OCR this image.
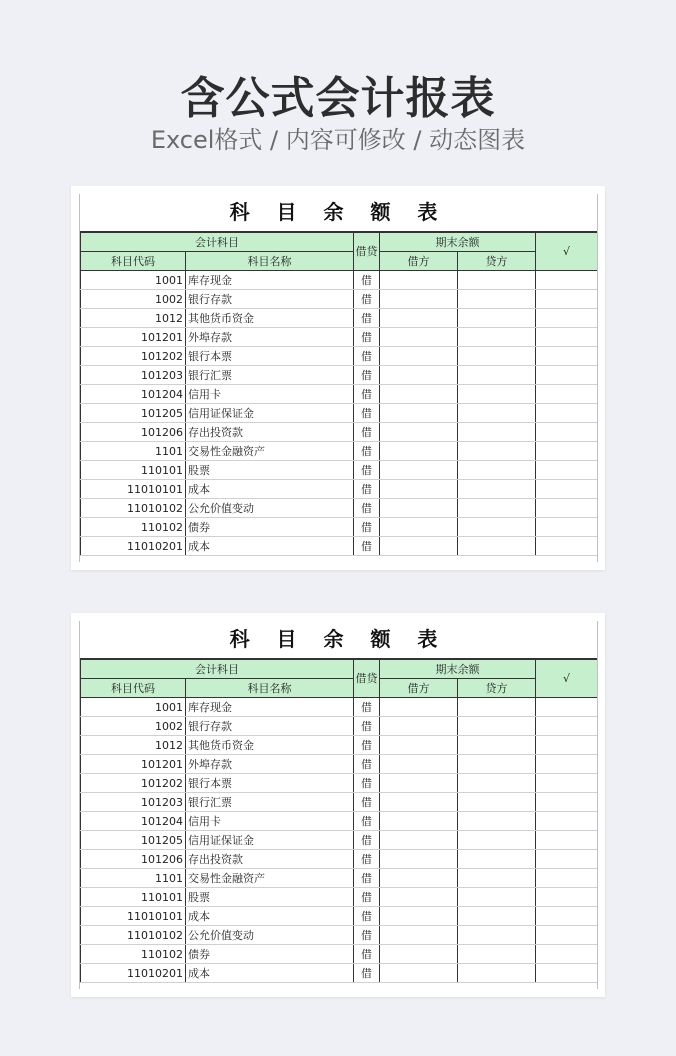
含公式会计报表

Excel格式 / 内容可修改 / 动态图表

科 目 余 额 表
会计科目		借贷	期末余额		√
科目代码	科目名称		借方	贷方	
1001	库存现金	借			
1002	银行存款	借			
1012	其他货币资金	借			
101201	外埠存款	借			
101202	银行本票	借			
101203	银行汇票	借			
101204	信用卡	借			
101205	信用证保证金	借			
101206	存出投资款	借			
1101	交易性金融资产	借			
110101	股票	借			
11010101	成本	借			
11010102	公允价值变动	借			
110102	债券	借			
11010201	成本	借			
科 目 余 额 表
会计科目		借贷	期末余额		√
科目代码	科目名称		借方	贷方	
1001	库存现金	借			
1002	银行存款	借			
1012	其他货币资金	借			
101201	外埠存款	借			
101202	银行本票	借			
101203	银行汇票	借			
101204	信用卡	借			
101205	信用证保证金	借			
101206	存出投资款	借			
1101	交易性金融资产	借			
110101	股票	借			
11010101	成本	借			
11010102	公允价值变动	借			
110102	债券	借			
11010201	成本	借			
